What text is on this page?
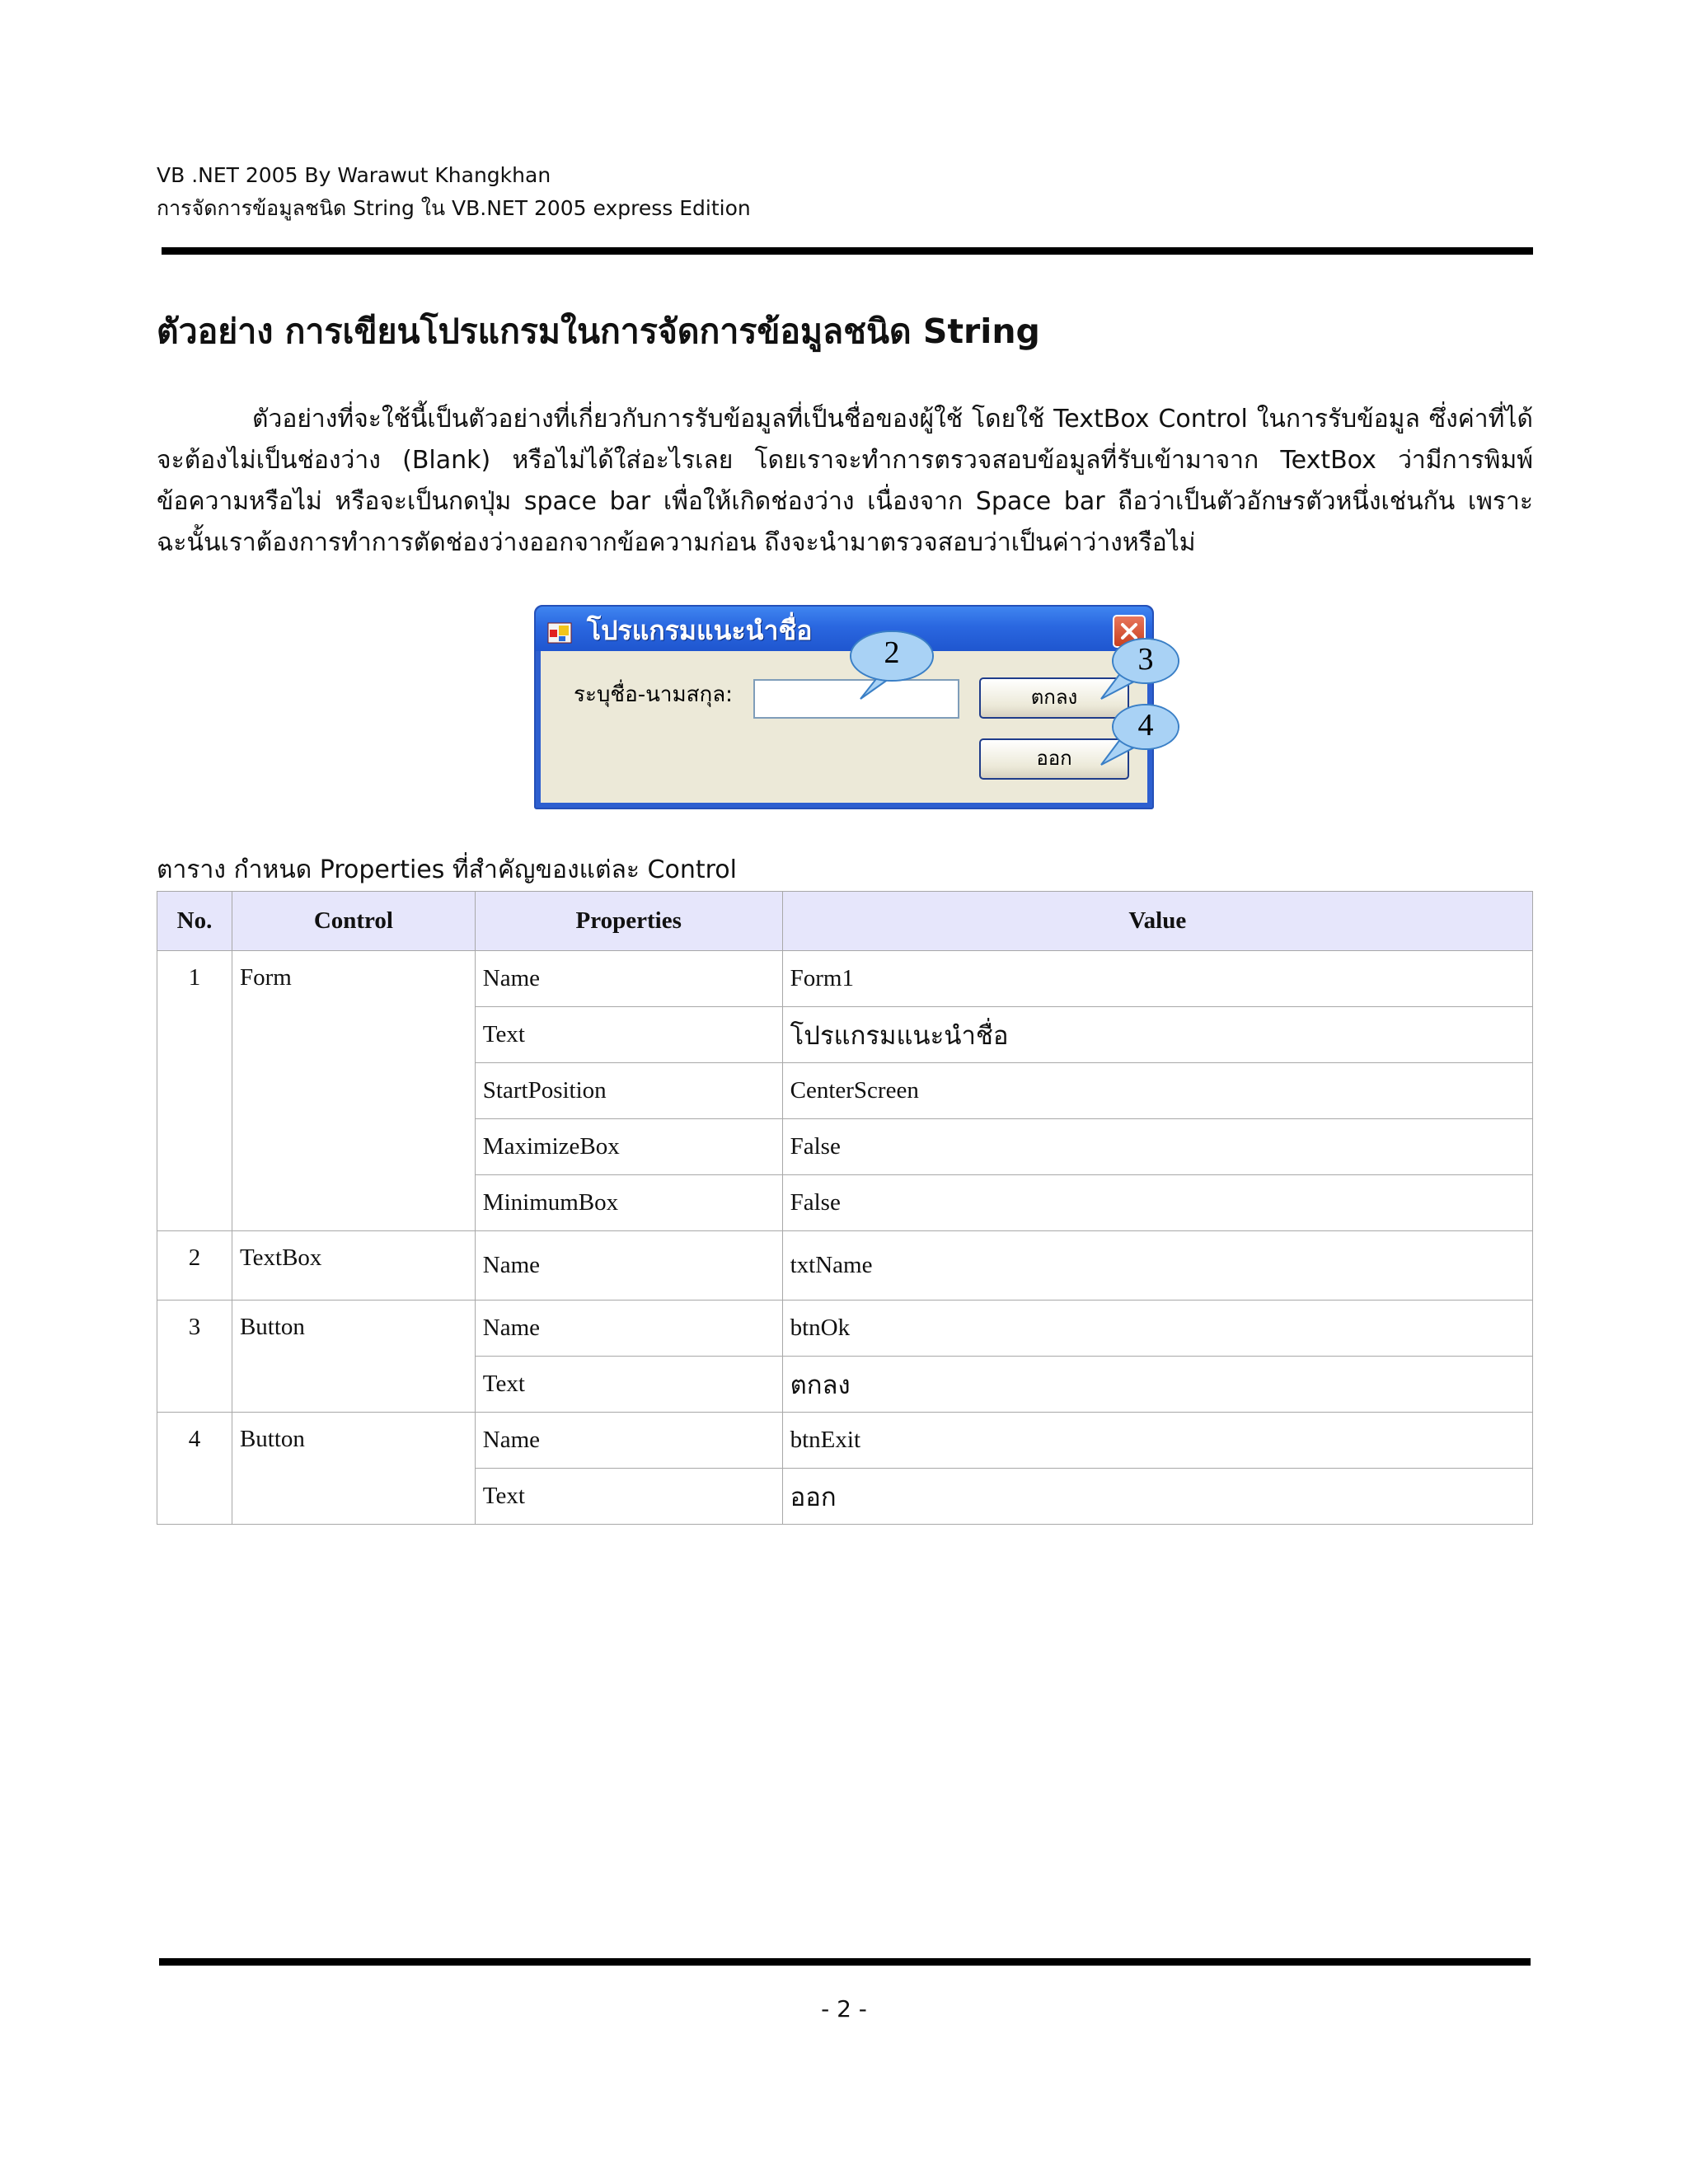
VB .NET 2005 By Warawut Khangkhan
การจัดการข้อมูลชนิด String ใน VB.NET 2005 express Edition
ตัวอย่าง การเขียนโปรแกรมในการจัดการข้อมูลชนิด String
ตัวอย่างที่จะใช้นี้เป็นตัวอย่างที่เกี่ยวกับการรับข้อมูลที่เป็นชื่อของผู้ใช้ โดยใช้ TextBox Control ในการรับข้อมูล ซึ่งค่าที่ได้จะต้องไม่เป็นช่องว่าง (Blank) หรือไม่ได้ใส่อะไรเลย โดยเราจะทำการตรวจสอบข้อมูลที่รับเข้ามาจาก TextBox ว่ามีการพิมพ์ข้อความหรือไม่ หรือจะเป็นกดปุ่ม space bar เพื่อให้เกิดช่องว่าง เนื่องจาก Space bar ถือว่าเป็นตัวอักษรตัวหนึ่งเช่นกัน เพราะฉะนั้นเราต้องการทำการตัดช่องว่างออกจากข้อความก่อน ถึงจะนำมาตรวจสอบว่าเป็นค่าว่างหรือไม่
โปรแกรมแนะนำชื่อ
ระบุชื่อ-นามสกุล:	ตกลง
ออก
2	3
4
ตาราง กำหนด Properties ที่สำคัญของแต่ละ Control
No.	Control	Properties	Value
1	Form	Name	Form1
		Text	โปรแกรมแนะนำชื่อ
		StartPosition	CenterScreen
		MaximizeBox	False
		MinimumBox	False
2	TextBox	Name	txtName
3	Button	Name	btnOk
		Text	ตกลง
4	Button	Name	btnExit
		Text	ออก
- 2 -
